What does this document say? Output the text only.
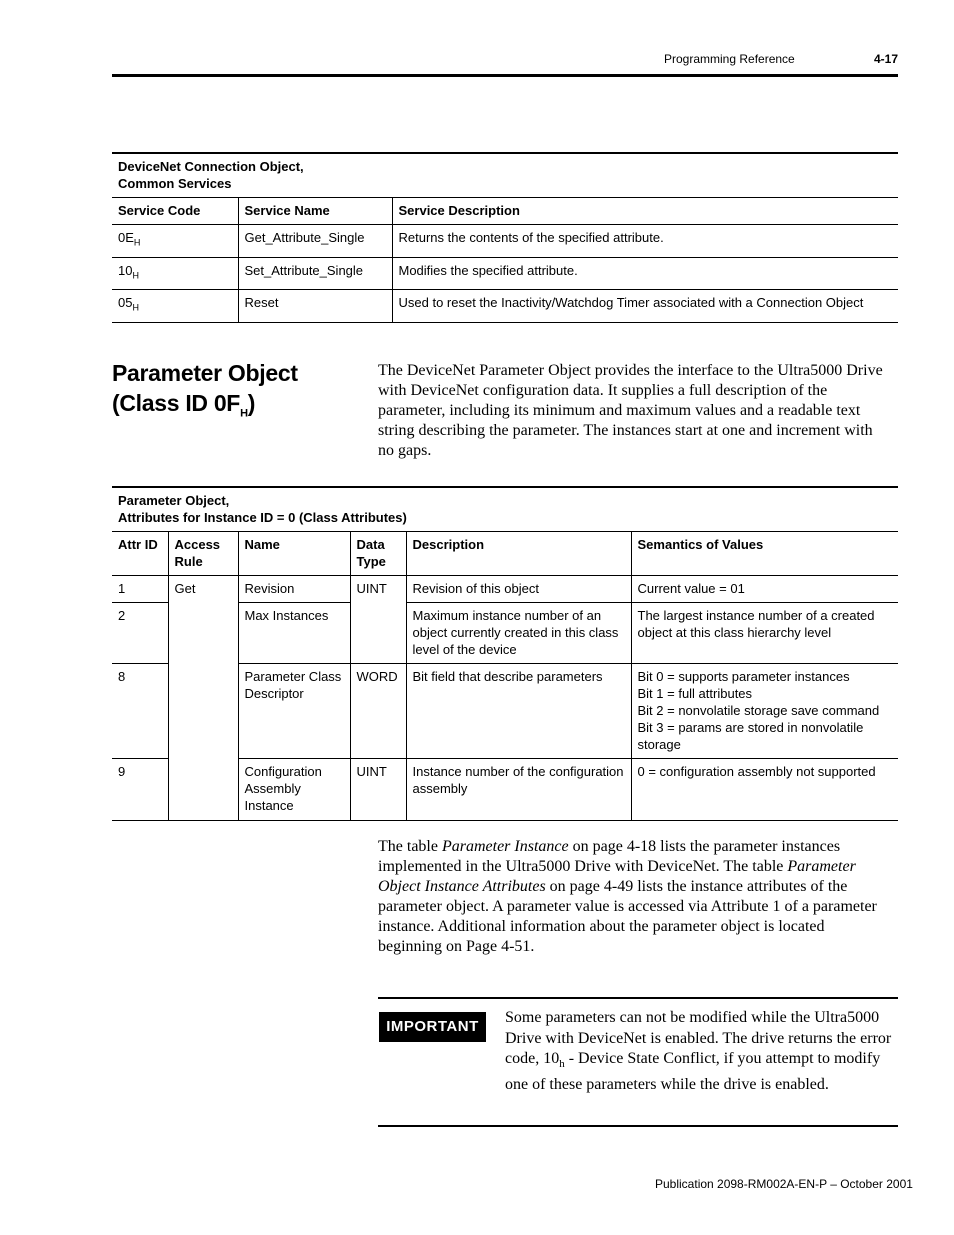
Programming Reference	4-17
DeviceNet Connection Object,
Common Services		
Service Code	Service Name	Service Description
$0E_H$	Get_Attribute_Single	Returns the contents of the specified attribute.
$10_H$	Set_Attribute_Single	Modifies the specified attribute.
$05_H$	Reset	Used to reset the Inactivity/Watchdog Timer associated with a Connection Object
Parameter Object
(Class ID $0F_H$)
The DeviceNet Parameter Object provides the interface to the Ultra5000 Drive with DeviceNet configuration data. It supplies a full description of the parameter, including its minimum and maximum values and a readable text string describing the parameter. The instances start at one and increment with no gaps.
Parameter Object,
Attributes for Instance ID = 0 (Class Attributes)					
Attr ID	Access Rule	Name	Data Type	Description	Semantics of Values
1	Get	Revision	UINT	Revision of this object	Current value = 01
2		Max Instances		Maximum instance number of an object currently created in this class level of the device	The largest instance number of a created object at this class hierarchy level
8		Parameter Class Descriptor	WORD	Bit field that describe parameters	Bit 0 = supports parameter instances
Bit 1 = full attributes
Bit 2 = nonvolatile storage save command
Bit 3 = params are stored in nonvolatile storage
9		Configuration Assembly Instance	UINT	Instance number of the configuration assembly	0 = configuration assembly not supported
The table Parameter Instance on page 4-18 lists the parameter instances implemented in the Ultra5000 Drive with DeviceNet. The table Parameter Object Instance Attributes on page 4-49 lists the instance attributes of the parameter object. A parameter value is accessed via Attribute 1 of a parameter instance. Additional information about the parameter object is located beginning on Page 4-51.
IMPORTANT
Some parameters can not be modified while the Ultra5000 Drive with DeviceNet is enabled. The drive returns the error code, $10_h$ - Device State Conflict, if you attempt to modify one of these parameters while the drive is enabled.
Publication 2098-RM002A-EN-P – October 2001
